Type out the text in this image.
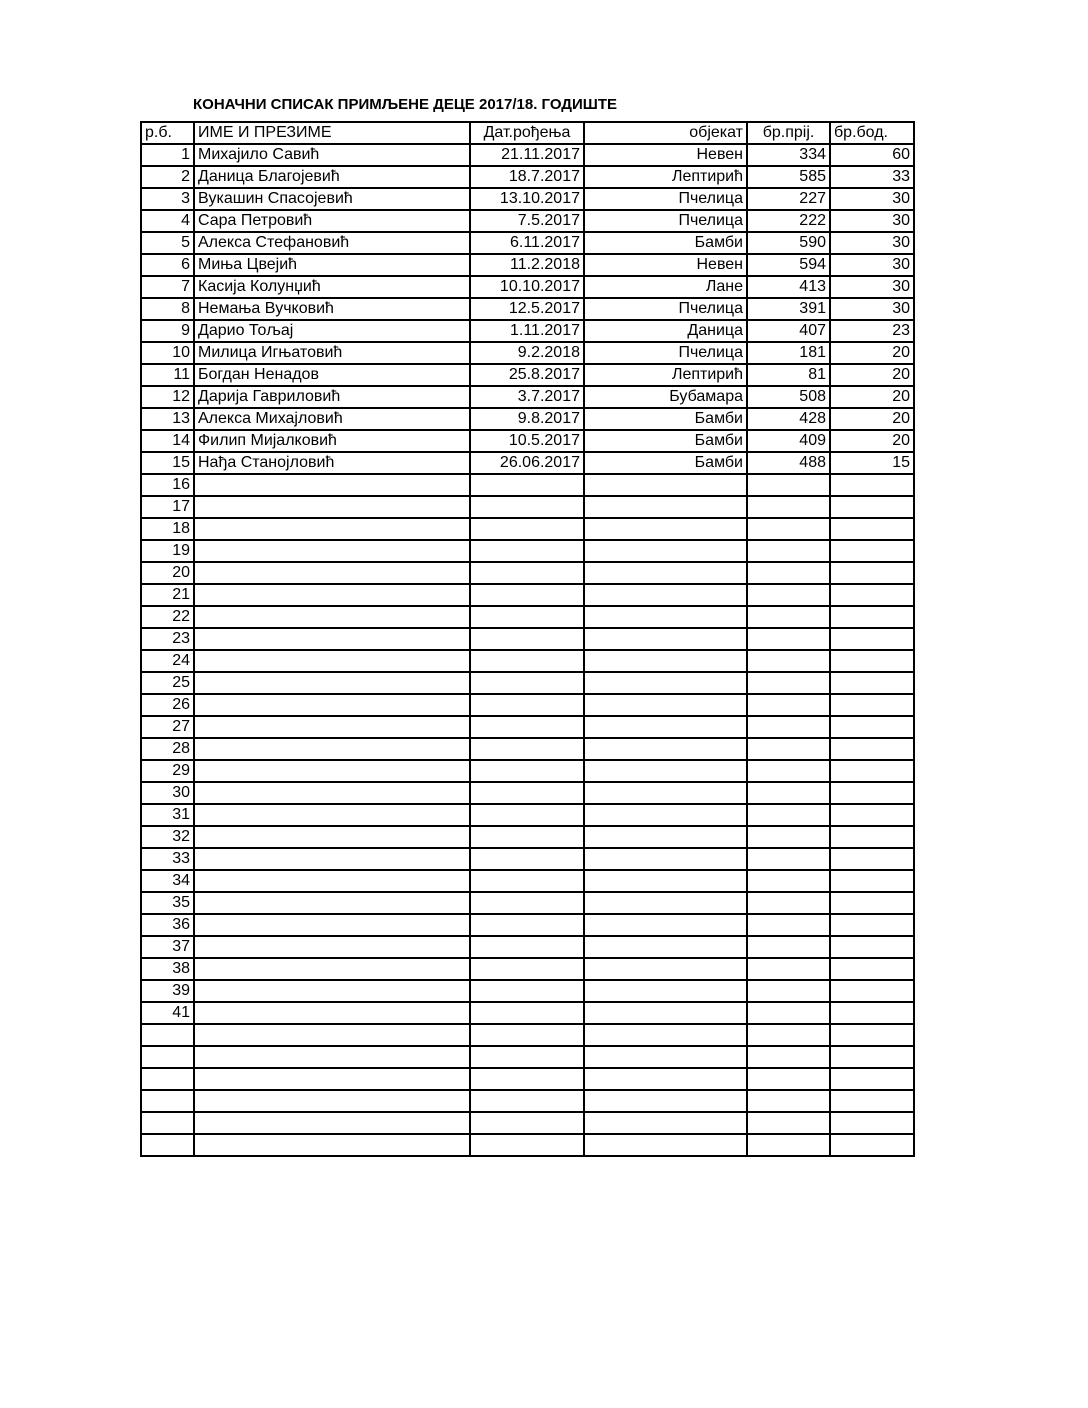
КОНАЧНИ СПИСАК ПРИМЉЕНЕ ДЕЦЕ 2017/18. ГОДИШТЕ
р.б.	ИМЕ И ПРЕЗИМЕ	Дат.рођења	објекат	бр.прij.	бр.бод.
1	Михајило Савић	21.11.2017	Невен	334	60
2	Даница Благојевић	18.7.2017	Лептирић	585	33
3	Вукашин Спасојевић	13.10.2017	Пчелица	227	30
4	Сара Петровић	7.5.2017	Пчелица	222	30
5	Алекса Стефановић	6.11.2017	Бамби	590	30
6	Миња Цвејић	11.2.2018	Невен	594	30
7	Касија Колунџић	10.10.2017	Лане	413	30
8	Немања Вучковић	12.5.2017	Пчелица	391	30
9	Дарио Тољај	1.11.2017	Даница	407	23
10	Милица Игњатовић	9.2.2018	Пчелица	181	20
11	Богдан Ненадов	25.8.2017	Лептирић	81	20
12	Дарија Гавриловић	3.7.2017	Бубамара	508	20
13	Алекса Михајловић	9.8.2017	Бамби	428	20
14	Филип Мијалковић	10.5.2017	Бамби	409	20
15	Нађа Станојловић	26.06.2017	Бамби	488	15
16					
17					
18					
19					
20					
21					
22					
23					
24					
25					
26					
27					
28					
29					
30					
31					
32					
33					
34					
35					
36					
37					
38					
39					
41					
